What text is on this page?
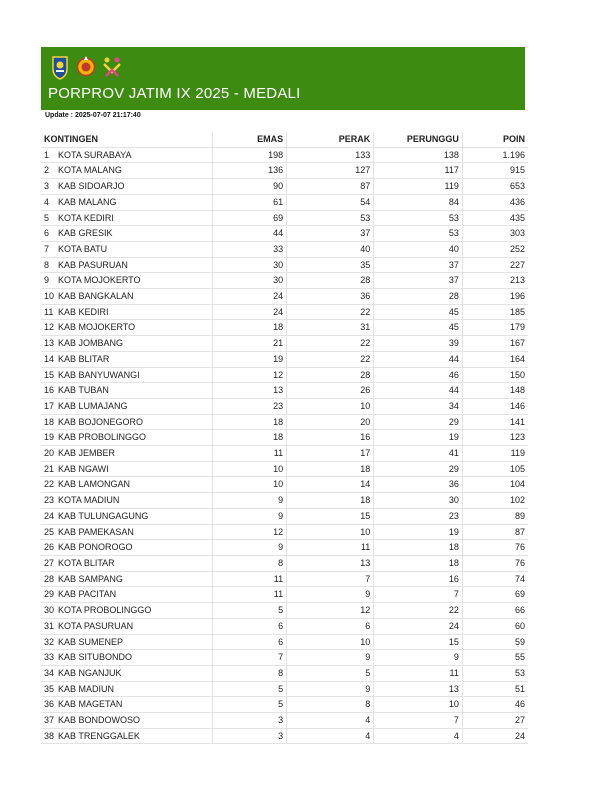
PORPROV JATIM IX 2025 - MEDALI
Update : 2025-07-07 21:17:40
KONTINGEN	EMAS	PERAK	PERUNGGU	POIN
1 KOTA SURABAYA	198	133	138	1.196
2 KOTA MALANG	136	127	117	915
3 KAB SIDOARJO	90	87	119	653
4 KAB MALANG	61	54	84	436
5 KOTA KEDIRI	69	53	53	435
6 KAB GRESIK	44	37	53	303
7 KOTA BATU	33	40	40	252
8 KAB PASURUAN	30	35	37	227
9 KOTA MOJOKERTO	30	28	37	213
10 KAB BANGKALAN	24	36	28	196
11 KAB KEDIRI	24	22	45	185
12 KAB MOJOKERTO	18	31	45	179
13 KAB JOMBANG	21	22	39	167
14 KAB BLITAR	19	22	44	164
15 KAB BANYUWANGI	12	28	46	150
16 KAB TUBAN	13	26	44	148
17 KAB LUMAJANG	23	10	34	146
18 KAB BOJONEGORO	18	20	29	141
19 KAB PROBOLINGGO	18	16	19	123
20 KAB JEMBER	11	17	41	119
21 KAB NGAWI	10	18	29	105
22 KAB LAMONGAN	10	14	36	104
23 KOTA MADIUN	9	18	30	102
24 KAB TULUNGAGUNG	9	15	23	89
25 KAB PAMEKASAN	12	10	19	87
26 KAB PONOROGO	9	11	18	76
27 KOTA BLITAR	8	13	18	76
28 KAB SAMPANG	11	7	16	74
29 KAB PACITAN	11	9	7	69
30 KOTA PROBOLINGGO	5	12	22	66
31 KOTA PASURUAN	6	6	24	60
32 KAB SUMENEP	6	10	15	59
33 KAB SITUBONDO	7	9	9	55
34 KAB NGANJUK	8	5	11	53
35 KAB MADIUN	5	9	13	51
36 KAB MAGETAN	5	8	10	46
37 KAB BONDOWOSO	3	4	7	27
38 KAB TRENGGALEK	3	4	4	24
